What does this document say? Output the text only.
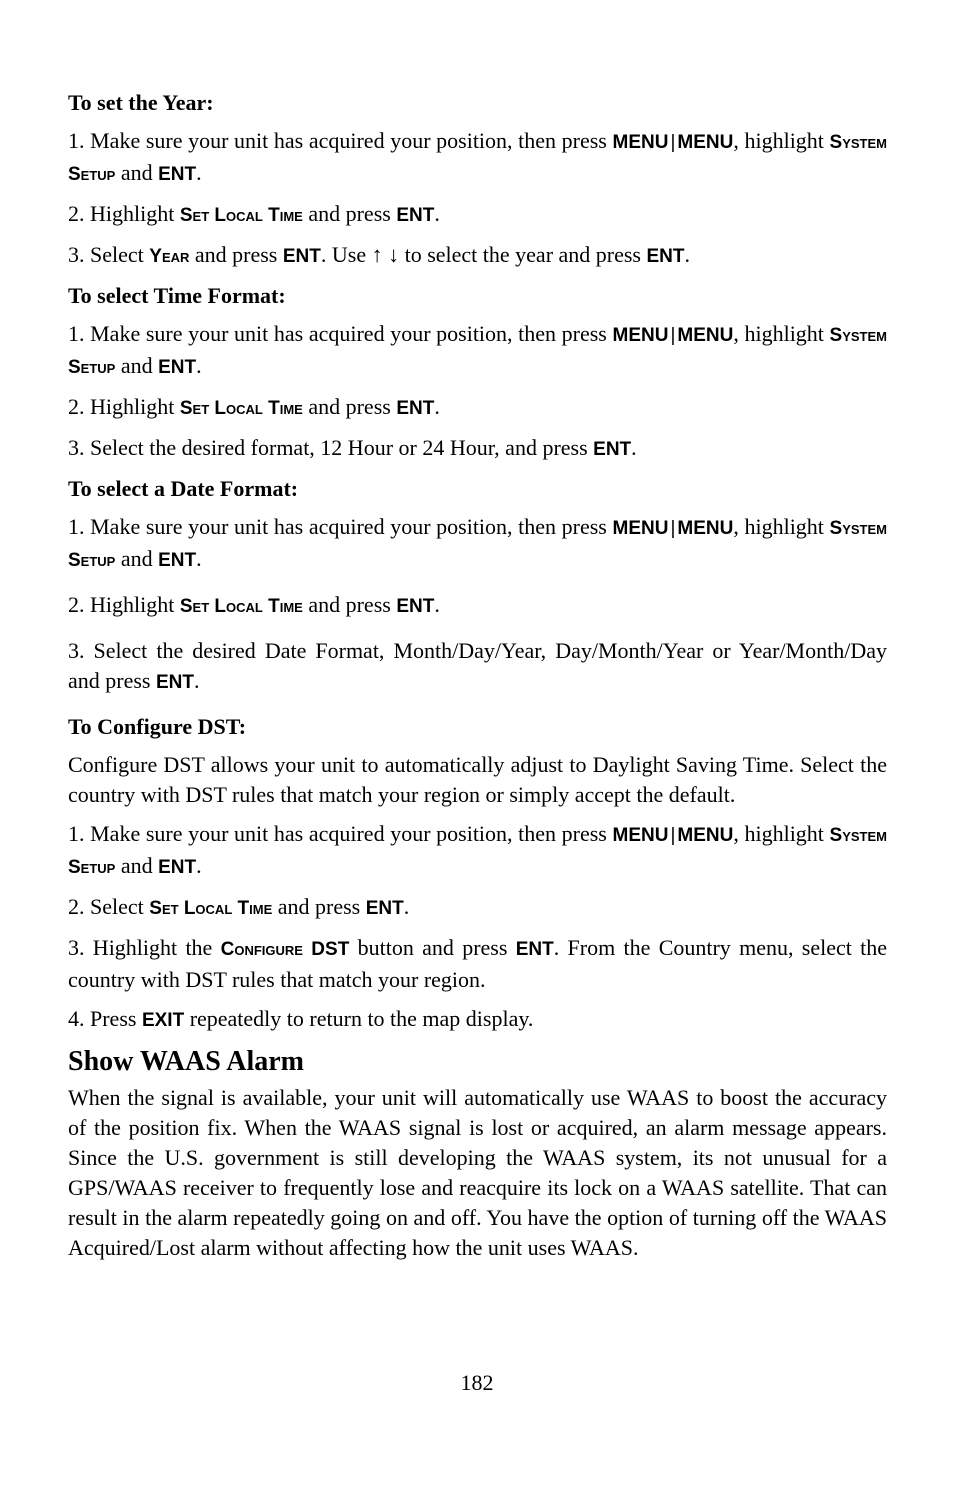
To set the Year:
1. Make sure your unit has acquired your position, then press MENU | MENU, highlight System Setup and ENT.
2. Highlight Set Local Time and press ENT.
3. Select Year and press ENT. Use ↑ ↓ to select the year and press ENT.
To select Time Format:
1. Make sure your unit has acquired your position, then press MENU | MENU, highlight System Setup and ENT.
2. Highlight Set Local Time and press ENT.
3. Select the desired format, 12 Hour or 24 Hour, and press ENT.
To select a Date Format:
1. Make sure your unit has acquired your position, then press MENU | MENU, highlight System Setup and ENT.
2. Highlight Set Local Time and press ENT.
3. Select the desired Date Format, Month/Day/Year, Day/Month/Year or Year/Month/Day and press ENT.
To Configure DST:
Configure DST allows your unit to automatically adjust to Daylight Saving Time. Select the country with DST rules that match your region or simply accept the default.
1. Make sure your unit has acquired your position, then press MENU | MENU, highlight System Setup and ENT.
2. Select Set Local Time and press ENT.
3. Highlight the Configure DST button and press ENT. From the Country menu, select the country with DST rules that match your region.
4. Press EXIT repeatedly to return to the map display.
Show WAAS Alarm
When the signal is available, your unit will automatically use WAAS to boost the accuracy of the position fix. When the WAAS signal is lost or acquired, an alarm message appears. Since the U.S. government is still developing the WAAS system, its not unusual for a GPS/WAAS receiver to frequently lose and reacquire its lock on a WAAS satellite. That can result in the alarm repeatedly going on and off. You have the option of turning off the WAAS Acquired/Lost alarm without affecting how the unit uses WAAS.
182
